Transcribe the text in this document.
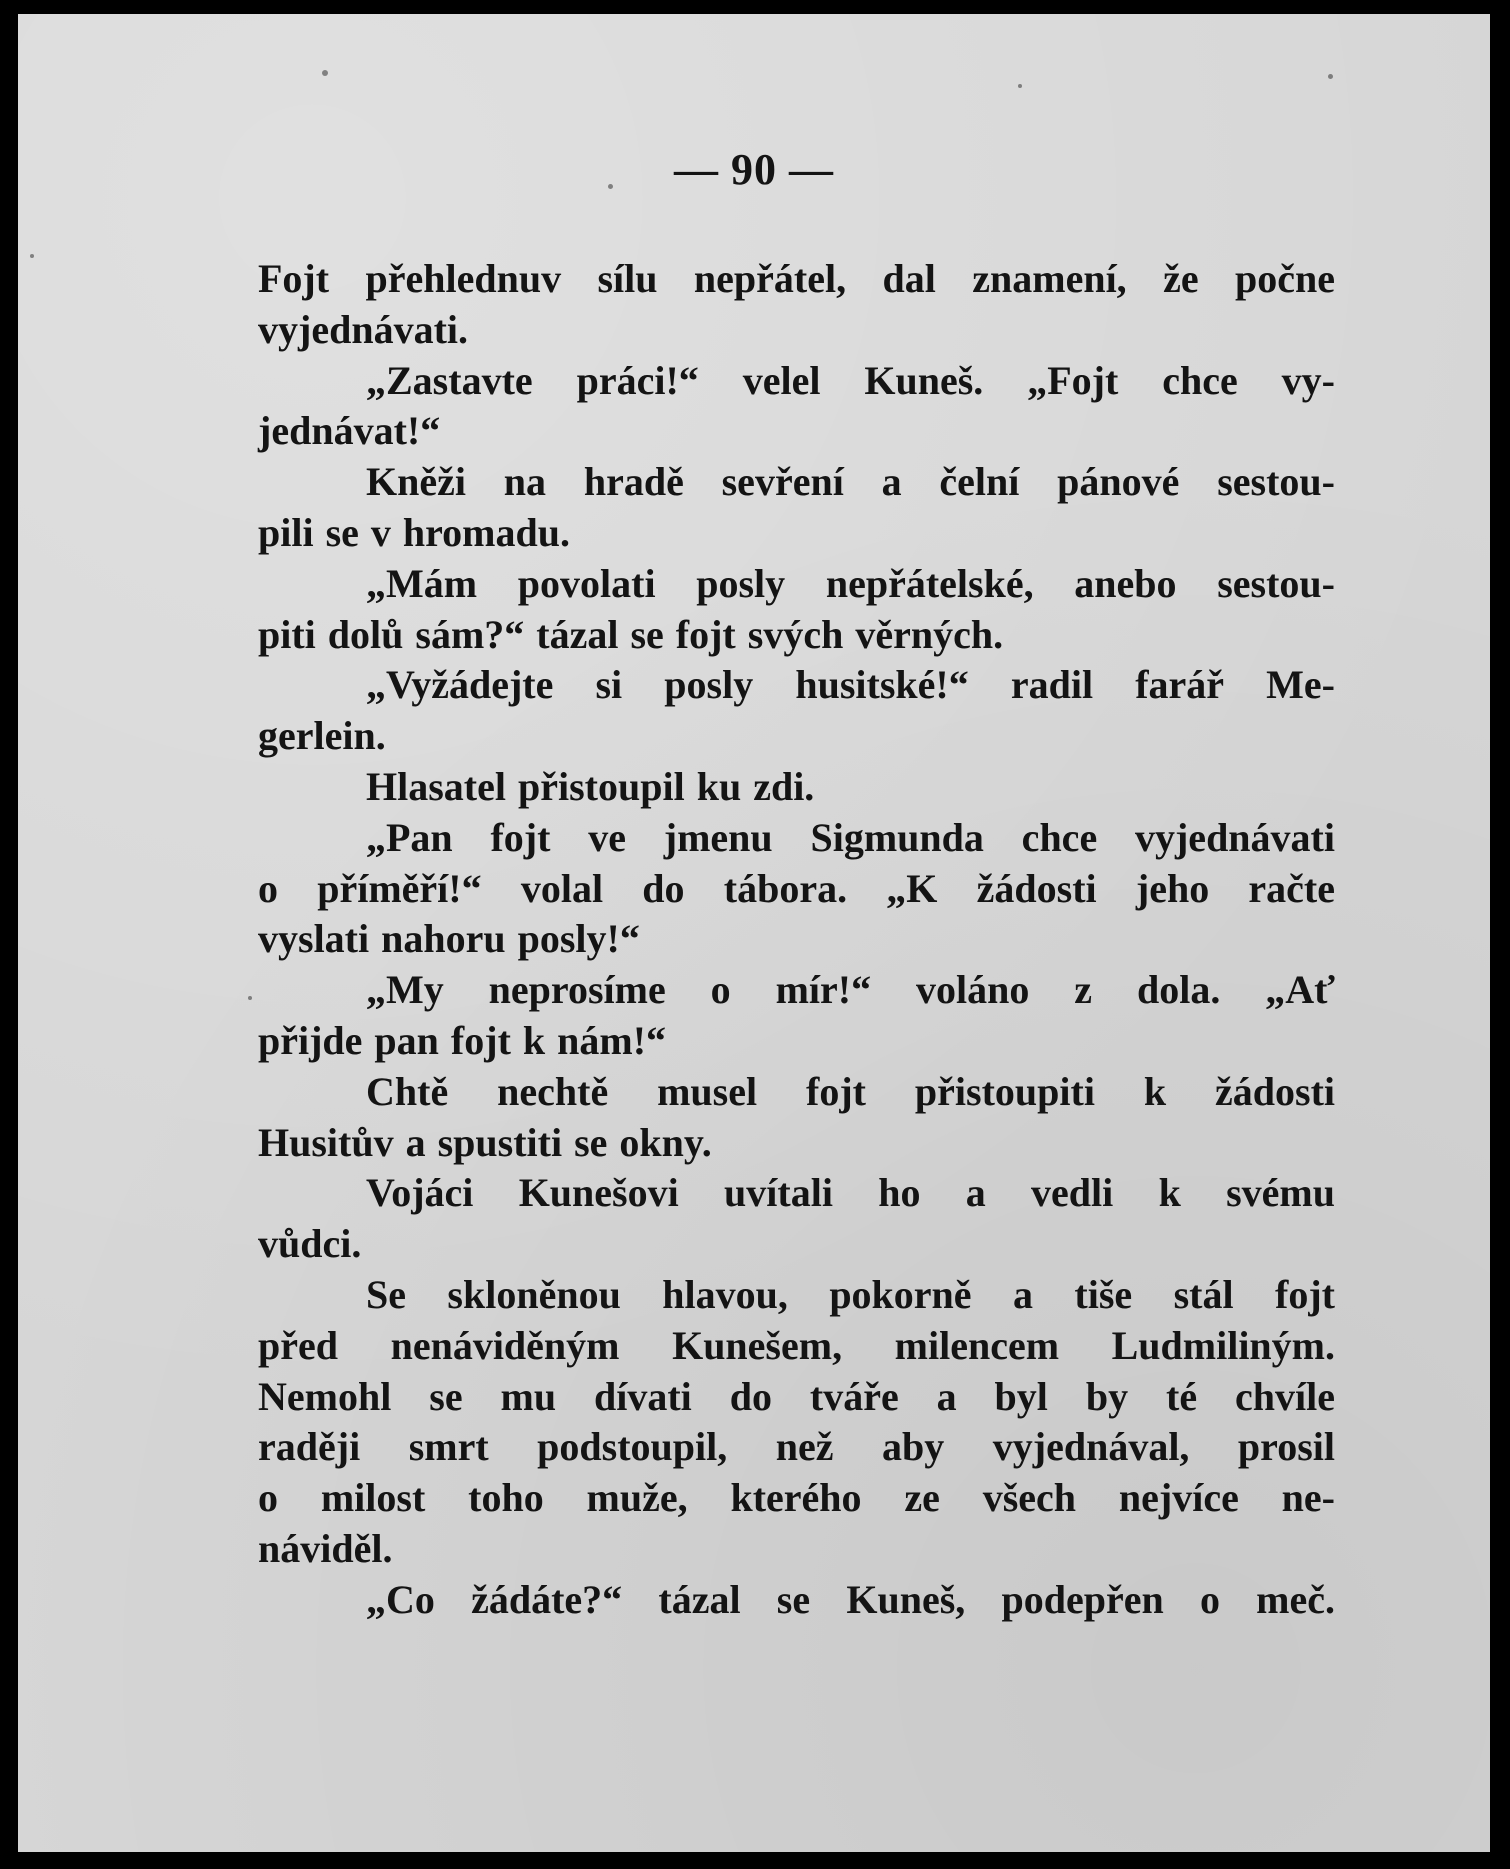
— 90 —
Fojt přehlednuv sílu nepřátel, dal znamení, že počne
vyjednávati.
„Zastavte práci!“ velel Kuneš. „Fojt chce vy-
jednávat!“
Kněži na hradě sevření a čelní pánové sestou-
pili se v hromadu.
„Mám povolati posly nepřátelské, anebo sestou-
piti dolů sám?“ tázal se fojt svých věrných.
„Vyžádejte si posly husitské!“ radil farář Me-
gerlein.
Hlasatel přistoupil ku zdi.
„Pan fojt ve jmenu Sigmunda chce vyjednávati
o příměří!“ volal do tábora. „K žádosti jeho račte
vyslati nahoru posly!“
„My neprosíme o mír!“ voláno z dola. „Ať
přijde pan fojt k nám!“
Chtě nechtě musel fojt přistoupiti k žádosti
Husitův a spustiti se okny.
Vojáci Kunešovi uvítali ho a vedli k svému
vůdci.
Se skloněnou hlavou, pokorně a tiše stál fojt
před nenáviděným Kunešem, milencem Ludmiliným.
Nemohl se mu dívati do tváře a byl by té chvíle
raději smrt podstoupil, než aby vyjednával, prosil
o milost toho muže, kterého ze všech nejvíce ne-
náviděl.
„Co žádáte?“ tázal se Kuneš, podepřen o meč.
